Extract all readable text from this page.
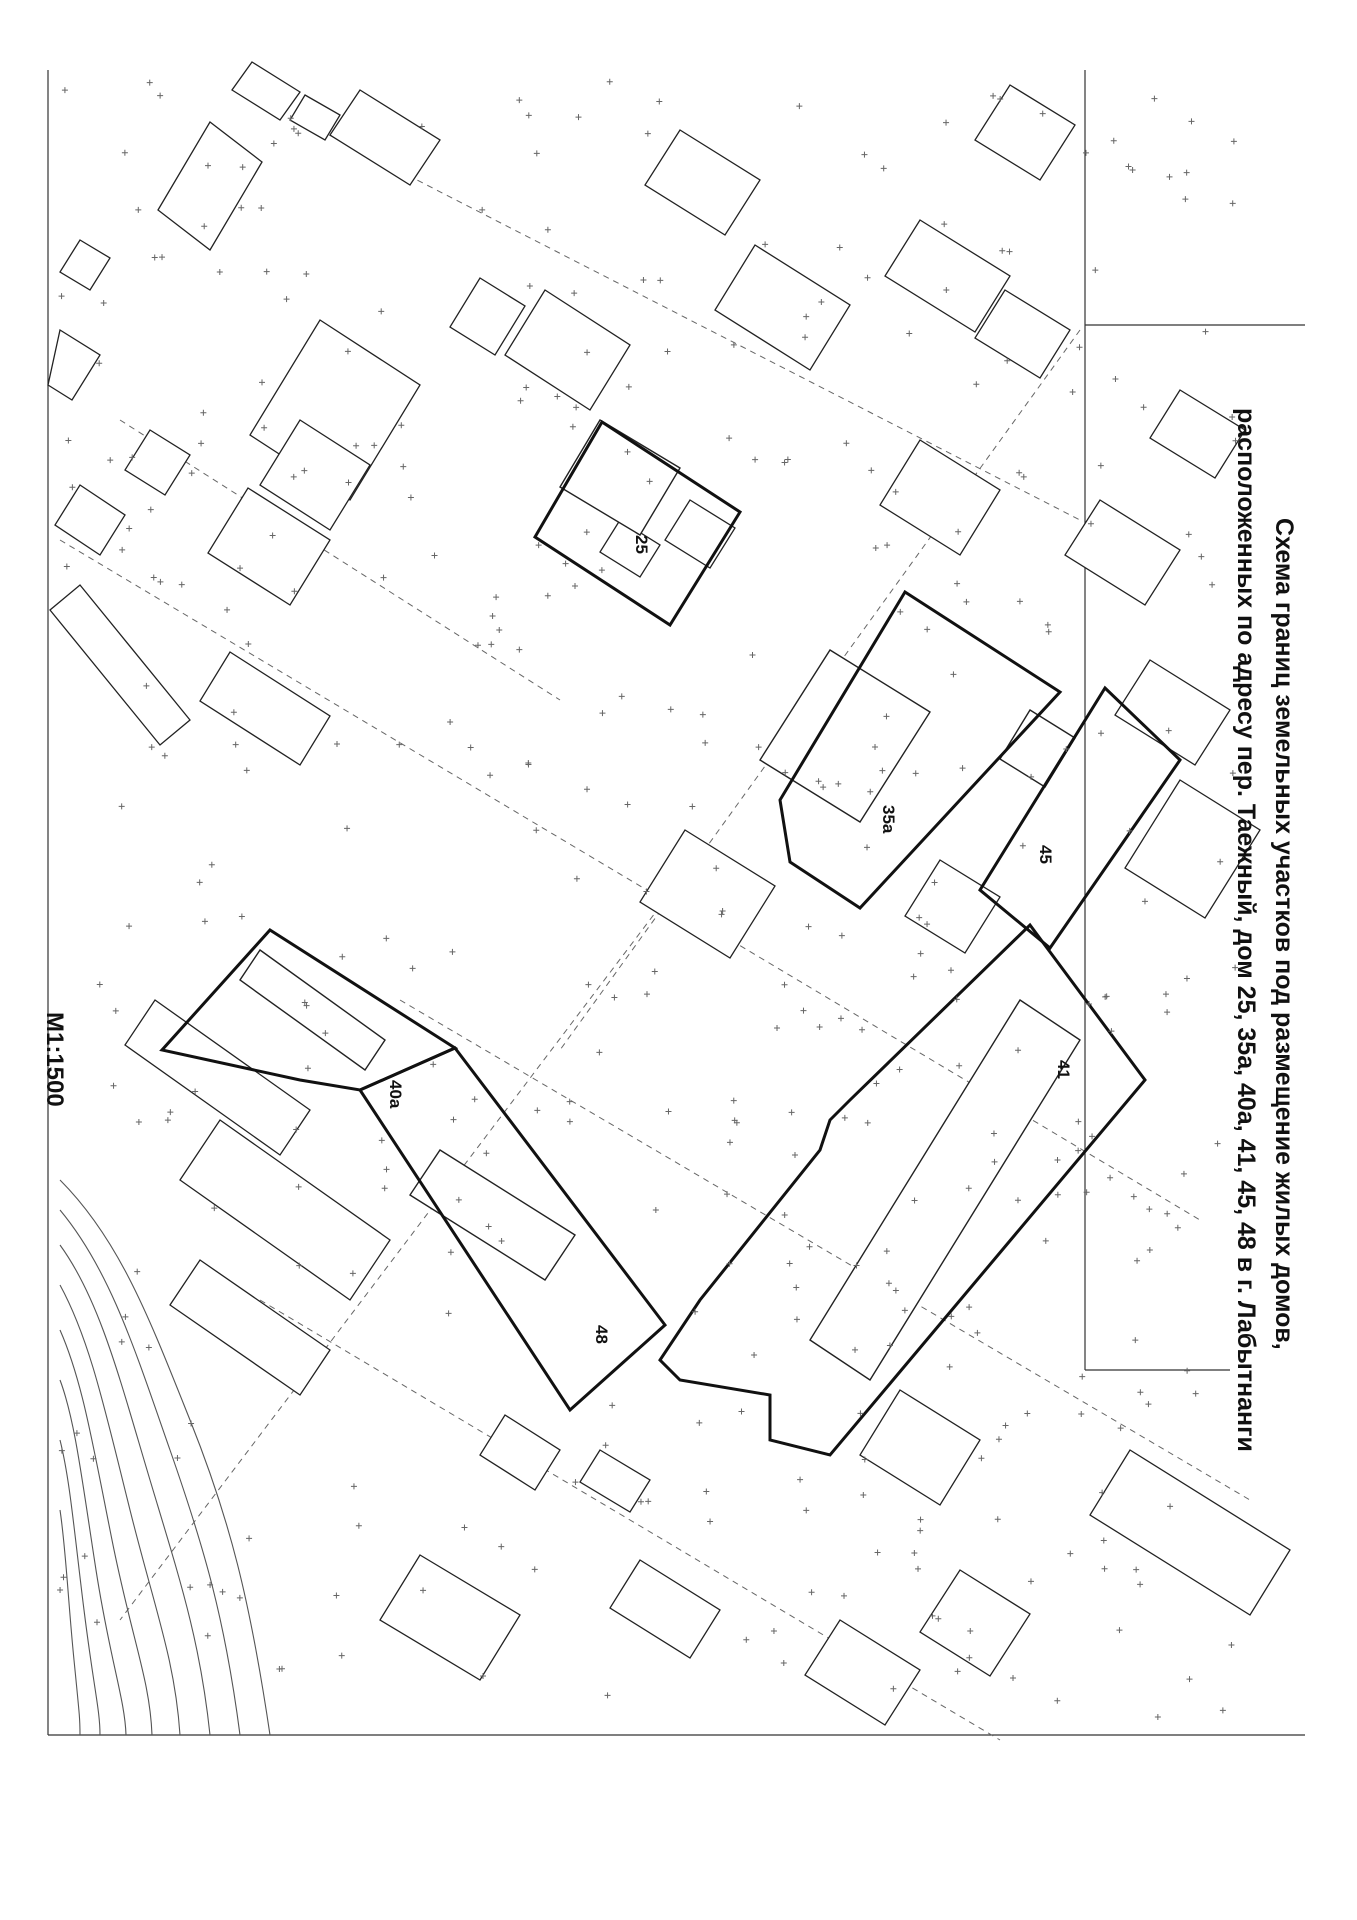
25
35а
45
41
40а
48	Схема границ земельных участков под размещение жилых домов,
расположенных по адресу пер. Таежный, дом 25, 35а, 40а, 41, 45, 48 в г. Лабытнанги
М1:1500
